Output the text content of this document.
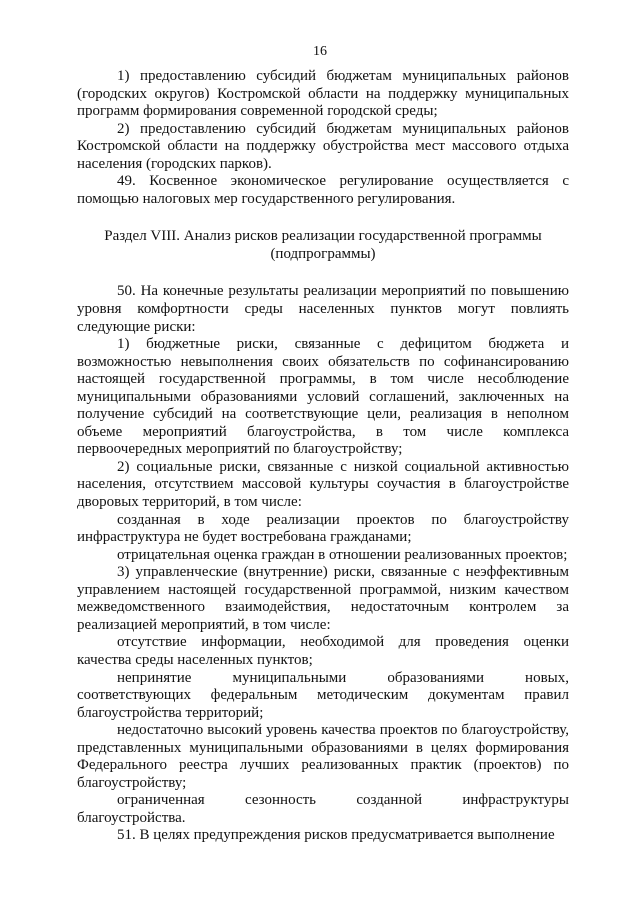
16

1) предоставлению субсидий бюджетам муниципальных районов (городских округов) Костромской области на поддержку муниципальных программ формирования современной городской среды;

2) предоставлению субсидий бюджетам муниципальных районов Костромской области на поддержку обустройства мест массового отдыха населения (городских парков).

49. Косвенное экономическое регулирование осуществляется с помощью налоговых мер государственного регулирования.

Раздел VIII. Анализ рисков реализации государственной программы

(подпрограммы)

50. На конечные результаты реализации мероприятий по повышению уровня комфортности среды населенных пунктов могут повлиять следующие риски:

1) бюджетные риски, связанные с дефицитом бюджета и возможностью невыполнения своих обязательств по софинансированию настоящей государственной программы, в том числе несоблюдение муниципальными образованиями условий соглашений, заключенных на получение субсидий на соответствующие цели, реализация в неполном объеме мероприятий благоустройства, в том числе комплекса первоочередных мероприятий по благоустройству;

2) социальные риски, связанные с низкой социальной активностью населения, отсутствием массовой культуры соучастия в благоустройстве дворовых территорий, в том числе:

созданная в ходе реализации проектов по благоустройству инфраструктура не будет востребована гражданами;

отрицательная оценка граждан в отношении реализованных проектов;

3) управленческие (внутренние) риски, связанные с неэффективным управлением настоящей государственной программой, низким качеством межведомственного взаимодействия, недостаточным контролем за реализацией мероприятий, в том числе:

отсутствие информации, необходимой для проведения оценки качества среды населенных пунктов;

непринятие муниципальными образованиями новых, соответствующих федеральным методическим документам правил благоустройства территорий;

недостаточно высокий уровень качества проектов по благоустройству, представленных муниципальными образованиями в целях формирования Федерального реестра лучших реализованных практик (проектов) по благоустройству;

ограниченная сезонность созданной инфраструктуры благоустройства.

51. В целях предупреждения рисков предусматривается выполнение
